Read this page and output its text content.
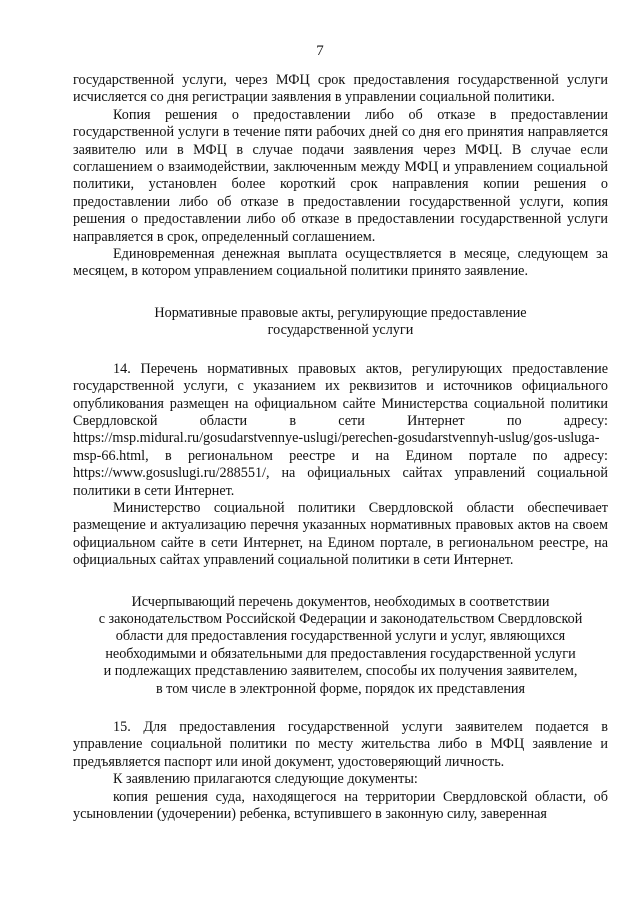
7

государственной услуги, через МФЦ срок предоставления государственной услуги исчисляется со дня регистрации заявления в управлении социальной политики.

Копия решения о предоставлении либо об отказе в предоставлении государственной услуги в течение пяти рабочих дней со дня его принятия направляется заявителю или в МФЦ в случае подачи заявления через МФЦ. В случае если соглашением о взаимодействии, заключенным между МФЦ и управлением социальной политики, установлен более короткий срок направления копии решения о предоставлении либо об отказе в предоставлении государственной услуги, копия решения о предоставлении либо об отказе в предоставлении государственной услуги направляется в срок, определенный соглашением.

Единовременная денежная выплата осуществляется в месяце, следующем за месяцем, в котором управлением социальной политики принято заявление.

Нормативные правовые акты, регулирующие предоставление

государственной услуги

14. Перечень нормативных правовых актов, регулирующих предоставление государственной услуги, с указанием их реквизитов и источников официального опубликования размещен на официальном сайте Министерства социальной политики Свердловской области в сети Интернет по адресу: https://msp.midural.ru/gosudarstvennye-uslugi/perechen-gosudarstvennyh-uslug/gos-usluga-msp-66.html, в региональном реестре и на Едином портале по адресу: https://www.gosuslugi.ru/288551/, на официальных сайтах управлений социальной политики в сети Интернет.

Министерство социальной политики Свердловской области обеспечивает размещение и актуализацию перечня указанных нормативных правовых актов на своем официальном сайте в сети Интернет, на Едином портале, в региональном реестре, на официальных сайтах управлений социальной политики в сети Интернет.

Исчерпывающий перечень документов, необходимых в соответствии

с законодательством Российской Федерации и законодательством Свердловской

области для предоставления государственной услуги и услуг, являющихся

необходимыми и обязательными для предоставления государственной услуги

и подлежащих представлению заявителем, способы их получения заявителем,

в том числе в электронной форме, порядок их представления

15. Для предоставления государственной услуги заявителем подается в управление социальной политики по месту жительства либо в МФЦ заявление и предъявляется паспорт или иной документ, удостоверяющий личность.

К заявлению прилагаются следующие документы:

копия решения суда, находящегося на территории Свердловской области, об усыновлении (удочерении) ребенка, вступившего в законную силу, заверенная
